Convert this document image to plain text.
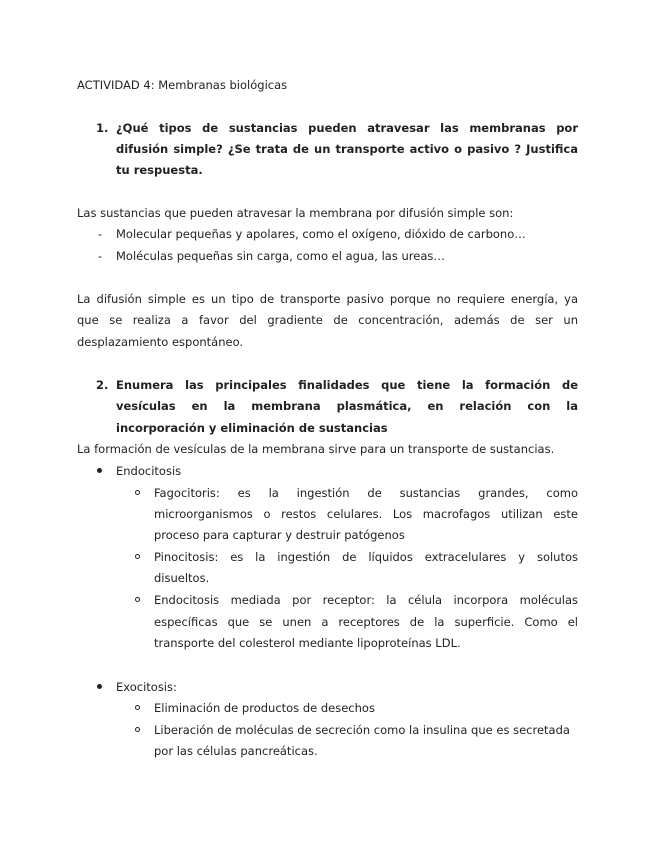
ACTIVIDAD 4: Membranas biológicas
1. ¿Qué tipos de sustancias pueden atravesar las membranas por
difusión simple? ¿Se trata de un transporte activo o pasivo ? Justifica
tu respuesta.
Las sustancias que pueden atravesar la membrana por difusión simple son:
- Molecular pequeñas y apolares, como el oxígeno, dióxido de carbono…
- Moléculas pequeñas sin carga, como el agua, las ureas…
La difusión simple es un tipo de transporte pasivo porque no requiere energía, ya
que se realiza a favor del gradiente de concentración, además de ser un
desplazamiento espontáneo.
2. Enumera las principales finalidades que tiene la formación de
vesículas en la membrana plasmática, en relación con la
incorporación y eliminación de sustancias
La formación de vesículas de la membrana sirve para un transporte de sustancias.
Endocitosis
Fagocitoris: es la ingestión de sustancias grandes, como
microorganismos o restos celulares. Los macrofagos utilizan este
proceso para capturar y destruir patógenos
Pinocitosis: es la ingestión de líquidos extracelulares y solutos
disueltos.
Endocitosis mediada por receptor: la célula incorpora moléculas
específicas que se unen a receptores de la superficie. Como el
transporte del colesterol mediante lipoproteínas LDL.
Exocitosis:
Eliminación de productos de desechos
Liberación de moléculas de secreción como la insulina que es secretada
por las células pancreáticas.
